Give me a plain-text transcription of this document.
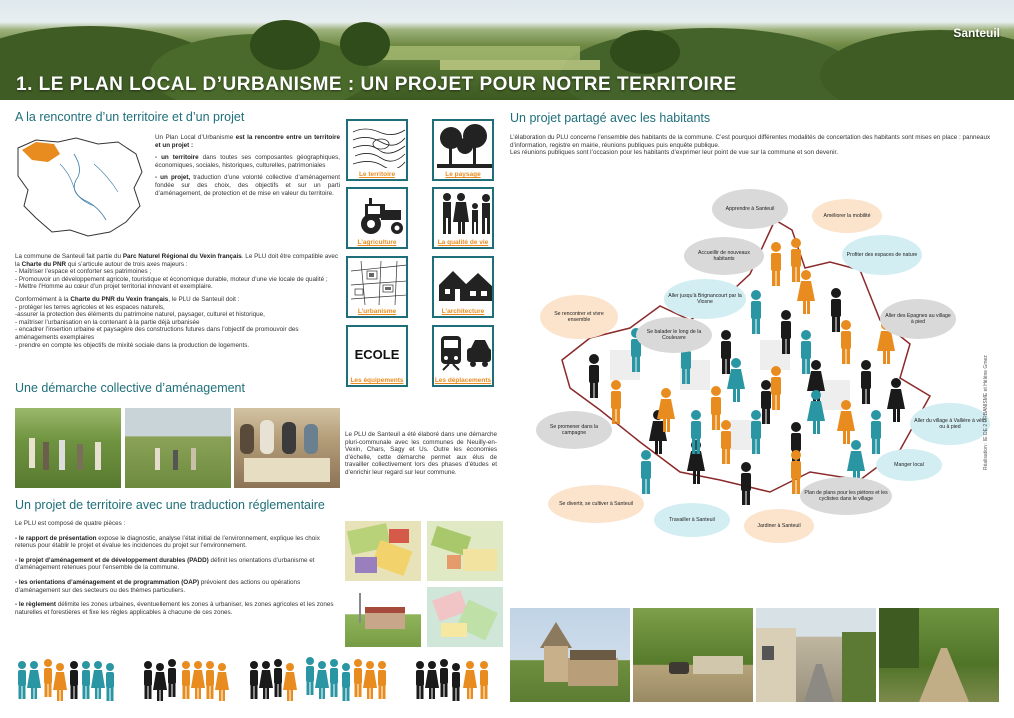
Santeuil
1. LE PLAN LOCAL D’URBANISME : UN PROJET POUR NOTRE TERRITOIRE
A la rencontre d’un territoire et d’un projet

Un Plan Local d’Urbanisme est la rencontre entre un territoire et un projet :

- un territoire dans toutes ses composantes géographiques, économiques, sociales, historiques, culturelles, patrimoniales

- un projet, traduction d’une volonté collective d’aménagement fondée sur des choix, des objectifs et sur un parti d’aménagement, de protection et de mise en valeur du territoire.

La commune de Santeuil fait partie du Parc Naturel Régional du Vexin français. Le PLU doit être compatible avec la Charte du PNR qui s’articule autour de trois axes majeurs :

- Maîtriser l’espace et conforter ses patrimoines ;
- Promouvoir un développement agricole, touristique et économique durable, moteur d’une vie locale de qualité ;
- Mettre l’Homme au cœur d’un projet territorial innovant et exemplaire.

Conformément à la Charte du PNR du Vexin français, le PLU de Santeuil doit :

- protéger les terres agricoles et les espaces naturels,
-assurer la protection des éléments du patrimoine naturel, paysager, culturel et historique,
- maîtriser l’urbanisation en la contenant à la partie déjà urbanisée
- encadrer l’insertion urbaine et paysagère des constructions futures dans l’objectif de promouvoir des aménagements exemplaires
- prendre en compte les objectifs de mixité sociale dans la production de logements.
Le territoire	Le paysage
L’agriculture	La qualité de vie
L’urbanisme	L’architecture
ECOLE
Les équipements	Les déplacements
Une démarche collective d’aménagement
Le PLU de Santeuil a été élaboré dans une démarche pluri-communale avec les communes de Neuilly-en-Vexin, Chars, Sagy et Us. Outre les économies d’échelle, cette démarche permet aux élus de travailler collectivement lors des phases d’études et d’enrichir leur regard sur leur commune.
Un projet de territoire avec une traduction réglementaire

Le PLU est composé de quatre pièces :

- le rapport de présentation expose le diagnostic, analyse l’état initial de l’environnement, explique les choix retenus pour établir le projet et évalue les incidences du projet sur l’environnement.

- le projet d’aménagement et de développement durables (PADD) définit les orientations d’urbanisme et d’aménagement retenues pour l’ensemble de la commune.

- les orientations d’aménagement et de programmation (OAP) prévoient des actions ou opérations d’aménagement sur des secteurs ou des thèmes particuliers.

- le règlement délimite les zones urbaines, éventuellement les zones à urbaniser, les zones agricoles et les zones naturelles et forestières et fixe les règles applicables à chacune de ces zones.

Un projet partagé avec les habitants
L’élaboration du PLU concerne l’ensemble des habitants de la commune. C’est pourquoi différentes modalités de concertation des habitants sont mises en place : panneaux d’information, registre en mairie, réunions publiques puis enquête publique.
Les réunions publiques sont l’occasion pour les habitants d’exprimer leur point de vue sur la commune et son devenir.
Apprendre à Santeuil
Améliorer la mobilité
Accueillir de nouveaux habitants
Profiter des espaces de nature
Aller jusqu’à Brignancourt par la Viosne
Se rencontrer et vivre ensemble
Se balader le long de la Couleuvre
Aller des Epagnes au village à pied
Se promener dans la campagne
Aller du village à Vallière à vélo ou à pied
Manger local
Se divertir, se cultiver à Santeuil
Plan de plans pour les piétons et les cyclistes dans le village
Travailler à Santeuil
Jardiner à Santeuil
Réalisation : IE DE 2 URBANISME et Hélène Gmez
